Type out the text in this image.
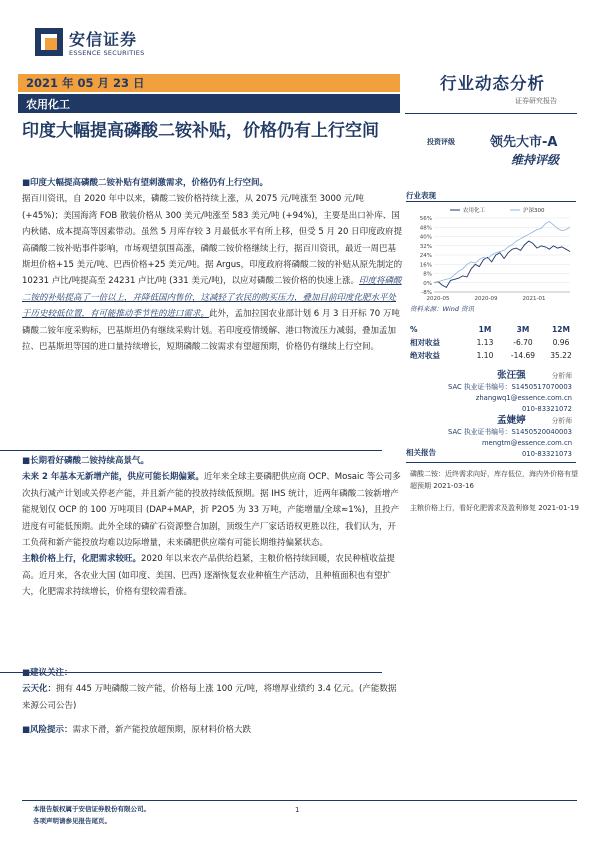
安信证券
ESSENCE SECURITIES
2021 年 05 月 23 日
农用化工
行业动态分析
证券研究报告
印度大幅提高磷酸二铵补贴，价格仍有上行空间
投资评级	领先大市-A
维持评级
■印度大幅提高磷酸二铵补贴有望刺激需求，价格仍有上行空间。
据百川资讯，自 2020 年中以来，磷酸二铵价格持续上涨，从 2075 元/吨涨至 3000 元/吨 (+45%)；美国海湾 FOB 散装价格从 300 美元/吨涨至 583 美元/吨 (+94%)，主要是出口补库、国内秋储、成本提高等因素带动。虽然 5 月库存较 3 月最低水平有所上移，但受 5 月 20 日印度政府提高磷酸二铵补贴事件影响，市场观望氛围高涨，磷酸二铵价格继续上行，据百川资讯，最近一周巴基斯坦价格+15 美元/吨、巴西价格+25 美元/吨。据 Argus，印度政府将磷酸二铵的补贴从原先制定的 10231 卢比/吨提高至 24231 卢比/吨 (331 美元/吨)，以应对磷酸二铵价格的快速上涨。印度将磷酸二铵的补贴提高了一倍以上，并降低国内售价，这减轻了农民的购买压力，叠加目前印度化肥水平处于历史较低位置，有可能推动季节性的进口需求。此外，孟加拉国农业部计划 6 月 3 日开标 70 万吨磷酸二铵年度采购标，巴基斯坦仍有继续采购计划。若印度疫情缓解、港口物流压力减弱，叠加孟加拉、巴基斯坦等国的进口量持续增长，短期磷酸二铵需求有望超预期，价格仍有继续上行空间。
■长期看好磷酸二铵持续高景气。
未来 2 年基本无新增产能，供应可能长期偏紧。近年来全球主要磷肥供应商 OCP、Mosaic 等公司多次执行减产计划或关停老产能，并且新产能的投放持续低预期。据 IHS 统计，近两年磷酸二铵新增产能规划仅 OCP 的 100 万吨项目 (DAP+MAP，折 P2O5 为 33 万吨，产能增量/全球≈1%)，且投产进度有可能低预期。此外全球的磷矿石资源整合加剧，顶级生产厂家话语权更胜以往，我们认为，开工负荷和新产能投放均难以边际增量，未来磷肥供应端有可能长期维持偏紧状态。
主粮价格上行，化肥需求较旺。2020 年以来农产品供给趋紧，主粮价格持续回暖，农民种植收益提高。近月来，各农业大国 (如印度、美国、巴西) 逐渐恢复农业种植生产活动，且种植面积也有望扩大，化肥需求持续增长，价格有望较需看涨。
■建议关注：
云天化：拥有 445 万吨磷酸二铵产能，价格每上涨 100 元/吨，将增厚业绩约 3.4 亿元。(产能数据来源公司公告)
■风险提示：需求下滑，新产能投放超预期，原材料价格大跌
行业表现
56%
48%
40%
32%
24%
16%
8%
0%
-8%
2020-05	2020-09	2021-01
农用化工	沪深300
资料来源：Wind 资讯
%	1M	3M	12M
相对收益	1.13	-6.70	0.96
绝对收益	1.10	-14.69	35.22
张汪强	分析师
SAC 执业证书编号：S1450517070003
zhangwq1@essence.com.cn
010-83321072
孟婕婷	分析师
SAC 执业证书编号：S1450520040003
mengtm@essence.com.cn
010-83321073
相关报告
磷酸二铵：近终需求向好，库存低位，海内外价格有望超预期 2021-03-16
主粮价格上行，看好化肥需求及盈利修复 2021-01-19
本报告版权属于安信证券股份有限公司。
各项声明请参见报告尾页。
1
